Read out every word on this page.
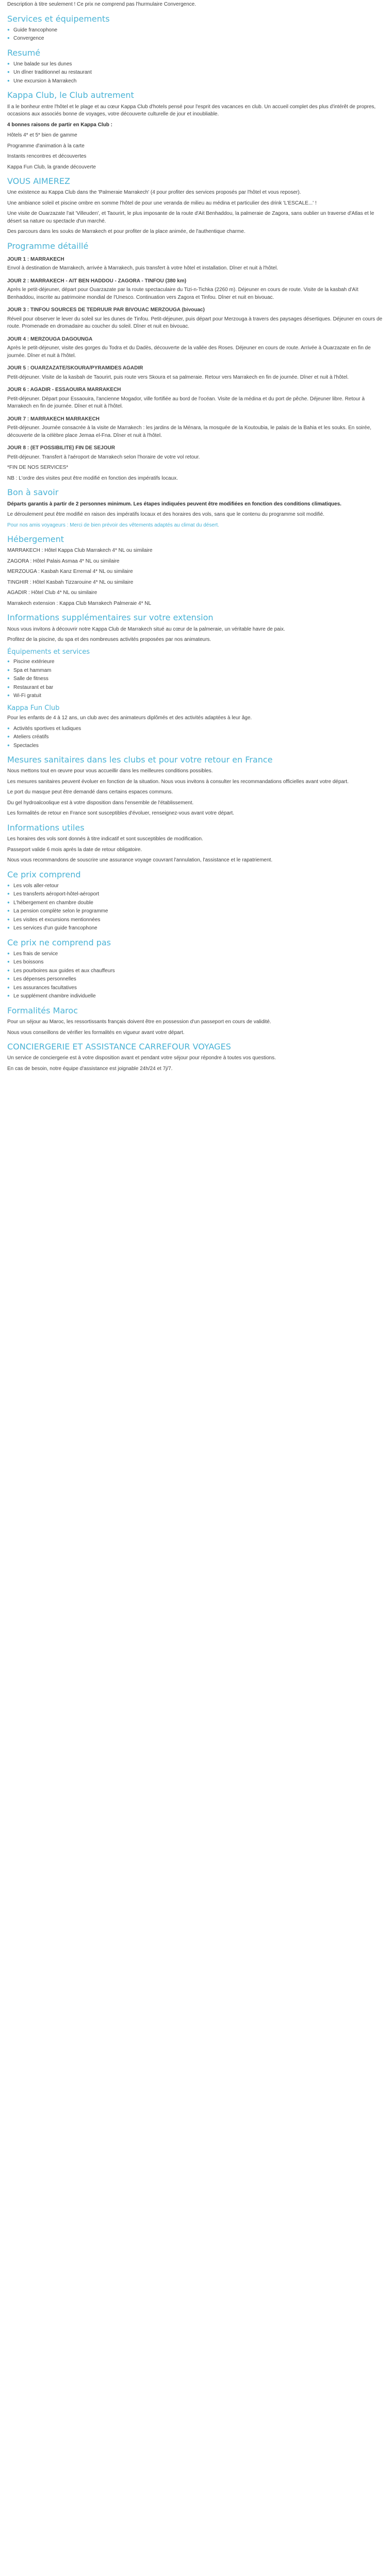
Description à titre seulement ! Ce prix ne comprend pas l'hurmulaire Convergence.

Services et équipements
● Guide francophone
● Convergence
Resumé
● Une balade sur les dunes
● Un dîner traditionnel au restaurant
● Une excursion à Marrakech
Kappa Club, le Club autrement

Il a le bonheur entre l'hôtel et le plage et au cœur Kappa Club d'hotels pensé pour l'esprit des vacances en club. Un accueil complet des plus d'intérêt de propres, occasions aux associés bonne de voyages, votre découverte culturelle de jour et inoubliable.

4 bonnes raisons de partir en Kappa Club :

Hôtels 4* et 5* bien de gamme

Programme d'animation à la carte

Instants rencontres et découvertes

Kappa Fun Club, la grande découverte

VOUS AIMEREZ

Une existence au Kappa Club dans the 'Palmeraie Marrakech' (4 pour profiter des services proposés par l'hôtel et vous reposer).

Une ambiance soleil et piscine ombre en somme l'hôtel de pour une veranda de milieu au médina et particulier des drink 'L'ESCALE...' !

Une visite de Ouarzazate l'ait 'Villeuden', et Taourirt, le plus imposante de la route d'Ait Benhaddou, la palmeraie de Zagora, sans oublier un traverse d'Atlas et le désert sa nature ou spectacle d'un marché.

Des parcours dans les souks de Marrakech et pour profiter de la place animée, de l'authentique charme.

Programme détaillé
JOUR 1 : MARRAKECH

Envol à destination de Marrakech, arrivée à Marrakech, puis transfert à votre hôtel et installation. Dîner et nuit à l'hôtel.

JOUR 2 : MARRAKECH - AIT BEN HADDOU - ZAGORA - TINFOU (380 km)

Après le petit-déjeuner, départ pour Ouarzazate par la route spectaculaire du Tizi-n-Tichka (2260 m). Déjeuner en cours de route. Visite de la kasbah d'Aït Benhaddou, inscrite au patrimoine mondial de l'Unesco. Continuation vers Zagora et Tinfou. Dîner et nuit en bivouac.

JOUR 3 : TINFOU SOURCES DE TEDRUUR PAR BIVOUAC MERZOUGA (bivouac)

Réveil pour observer le lever du soleil sur les dunes de Tinfou. Petit-déjeuner, puis départ pour Merzouga à travers des paysages désertiques. Déjeuner en cours de route. Promenade en dromadaire au coucher du soleil. Dîner et nuit en bivouac.

JOUR 4 : MERZOUGA DAGOUNGA

Après le petit-déjeuner, visite des gorges du Todra et du Dadès, découverte de la vallée des Roses. Déjeuner en cours de route. Arrivée à Ouarzazate en fin de journée. Dîner et nuit à l'hôtel.

JOUR 5 : OUARZAZATE/SKOURA/PYRAMIDES AGADIR

Petit-déjeuner. Visite de la kasbah de Taourirt, puis route vers Skoura et sa palmeraie. Retour vers Marrakech en fin de journée. Dîner et nuit à l'hôtel.

JOUR 6 : AGADIR - ESSAOUIRA MARRAKECH

Petit-déjeuner. Départ pour Essaouira, l'ancienne Mogador, ville fortifiée au bord de l'océan. Visite de la médina et du port de pêche. Déjeuner libre. Retour à Marrakech en fin de journée. Dîner et nuit à l'hôtel.

JOUR 7 : MARRAKECH MARRAKECH

Petit-déjeuner. Journée consacrée à la visite de Marrakech : les jardins de la Ménara, la mosquée de la Koutoubia, le palais de la Bahia et les souks. En soirée, découverte de la célèbre place Jemaa el-Fna. Dîner et nuit à l'hôtel.

JOUR 8 : (ET POSSIBILITE) FIN DE SEJOUR

Petit-déjeuner. Transfert à l'aéroport de Marrakech selon l'horaire de votre vol retour.

*FIN DE NOS SERVICES*

NB : L'ordre des visites peut être modifié en fonction des impératifs locaux.

Bon à savoir

Départs garantis à partir de 2 personnes minimum. Les étapes indiquées peuvent être modifiées en fonction des conditions climatiques.

Le déroulement peut être modifié en raison des impératifs locaux et des horaires des vols, sans que le contenu du programme soit modifié.

Pour nos amis voyageurs : Merci de bien prévoir des vêtements adaptés au climat du désert.

Hébergement

MARRAKECH : Hôtel Kappa Club Marrakech 4* NL ou similaire

ZAGORA : Hôtel Palais Asmaa 4* NL ou similaire

MERZOUGA : Kasbah Kanz Erremal 4* NL ou similaire

TINGHIR : Hôtel Kasbah Tizzarouine 4* NL ou similaire

AGADIR : Hôtel Club 4* NL ou similaire

Marrakech extension : Kappa Club Marrakech Palmeraie 4* NL

Informations supplémentaires sur votre extension

Nous vous invitons à découvrir notre Kappa Club de Marrakech situé au cœur de la palmeraie, un véritable havre de paix.

Profitez de la piscine, du spa et des nombreuses activités proposées par nos animateurs.

Équipements et services
● Piscine extérieure
● Spa et hammam
● Salle de fitness
● Restaurant et bar
● Wi-Fi gratuit
Kappa Fun Club

Pour les enfants de 4 à 12 ans, un club avec des animateurs diplômés et des activités adaptées à leur âge.

● Activités sportives et ludiques
● Ateliers créatifs
● Spectacles
Mesures sanitaires dans les clubs et pour votre retour en France

Nous mettons tout en œuvre pour vous accueillir dans les meilleures conditions possibles.

Les mesures sanitaires peuvent évoluer en fonction de la situation. Nous vous invitons à consulter les recommandations officielles avant votre départ.

Le port du masque peut être demandé dans certains espaces communs.

Du gel hydroalcoolique est à votre disposition dans l'ensemble de l'établissement.

Les formalités de retour en France sont susceptibles d'évoluer, renseignez-vous avant votre départ.

Informations utiles

Les horaires des vols sont donnés à titre indicatif et sont susceptibles de modification.

Passeport valide 6 mois après la date de retour obligatoire.

Nous vous recommandons de souscrire une assurance voyage couvrant l'annulation, l'assistance et le rapatriement.

Ce prix comprend
● Les vols aller-retour
● Les transferts aéroport-hôtel-aéroport
● L'hébergement en chambre double
● La pension complète selon le programme
● Les visites et excursions mentionnées
● Les services d'un guide francophone
Ce prix ne comprend pas
● Les frais de service
● Les boissons
● Les pourboires aux guides et aux chauffeurs
● Les dépenses personnelles
● Les assurances facultatives
● Le supplément chambre individuelle
Formalités Maroc

Pour un séjour au Maroc, les ressortissants français doivent être en possession d'un passeport en cours de validité.

Nous vous conseillons de vérifier les formalités en vigueur avant votre départ.

CONCIERGERIE ET ASSISTANCE CARREFOUR VOYAGES

Un service de conciergerie est à votre disposition avant et pendant votre séjour pour répondre à toutes vos questions.

En cas de besoin, notre équipe d'assistance est joignable 24h/24 et 7j/7.
